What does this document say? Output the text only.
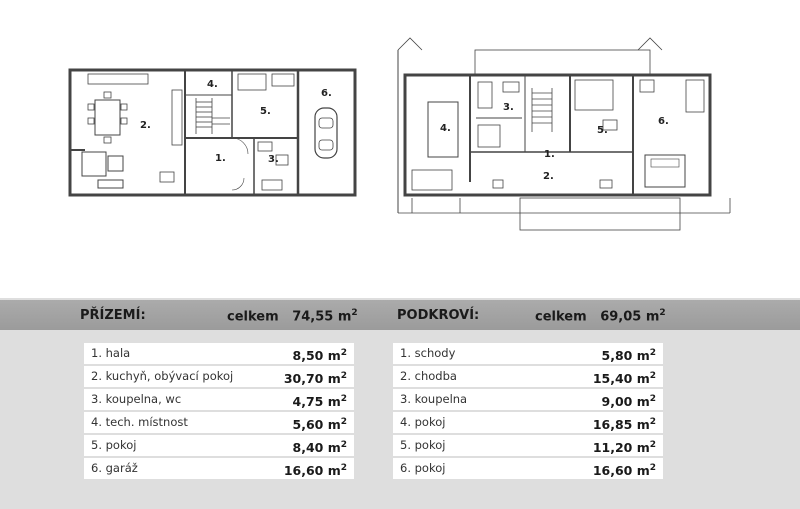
2.
4.
5.
6.
1.	3.
4.
3.
5.
6.
1.
2.
PŘÍZEMÍ:	celkem 74,55 $m^2$	PODKROVÍ:	celkem 69,05 $m^2$
1. hala	8,50 $m^2$
2. kuchyň, obývací pokoj	30,70 $m^2$
3. koupelna, wc	4,75 $m^2$
4. tech. místnost	5,60 $m^2$
5. pokoj	8,40 $m^2$
6. garáž	16,60 $m^2$
1. schody	5,80 $m^2$
2. chodba	15,40 $m^2$
3. koupelna	9,00 $m^2$
4. pokoj	16,85 $m^2$
5. pokoj	11,20 $m^2$
6. pokoj	16,60 $m^2$
